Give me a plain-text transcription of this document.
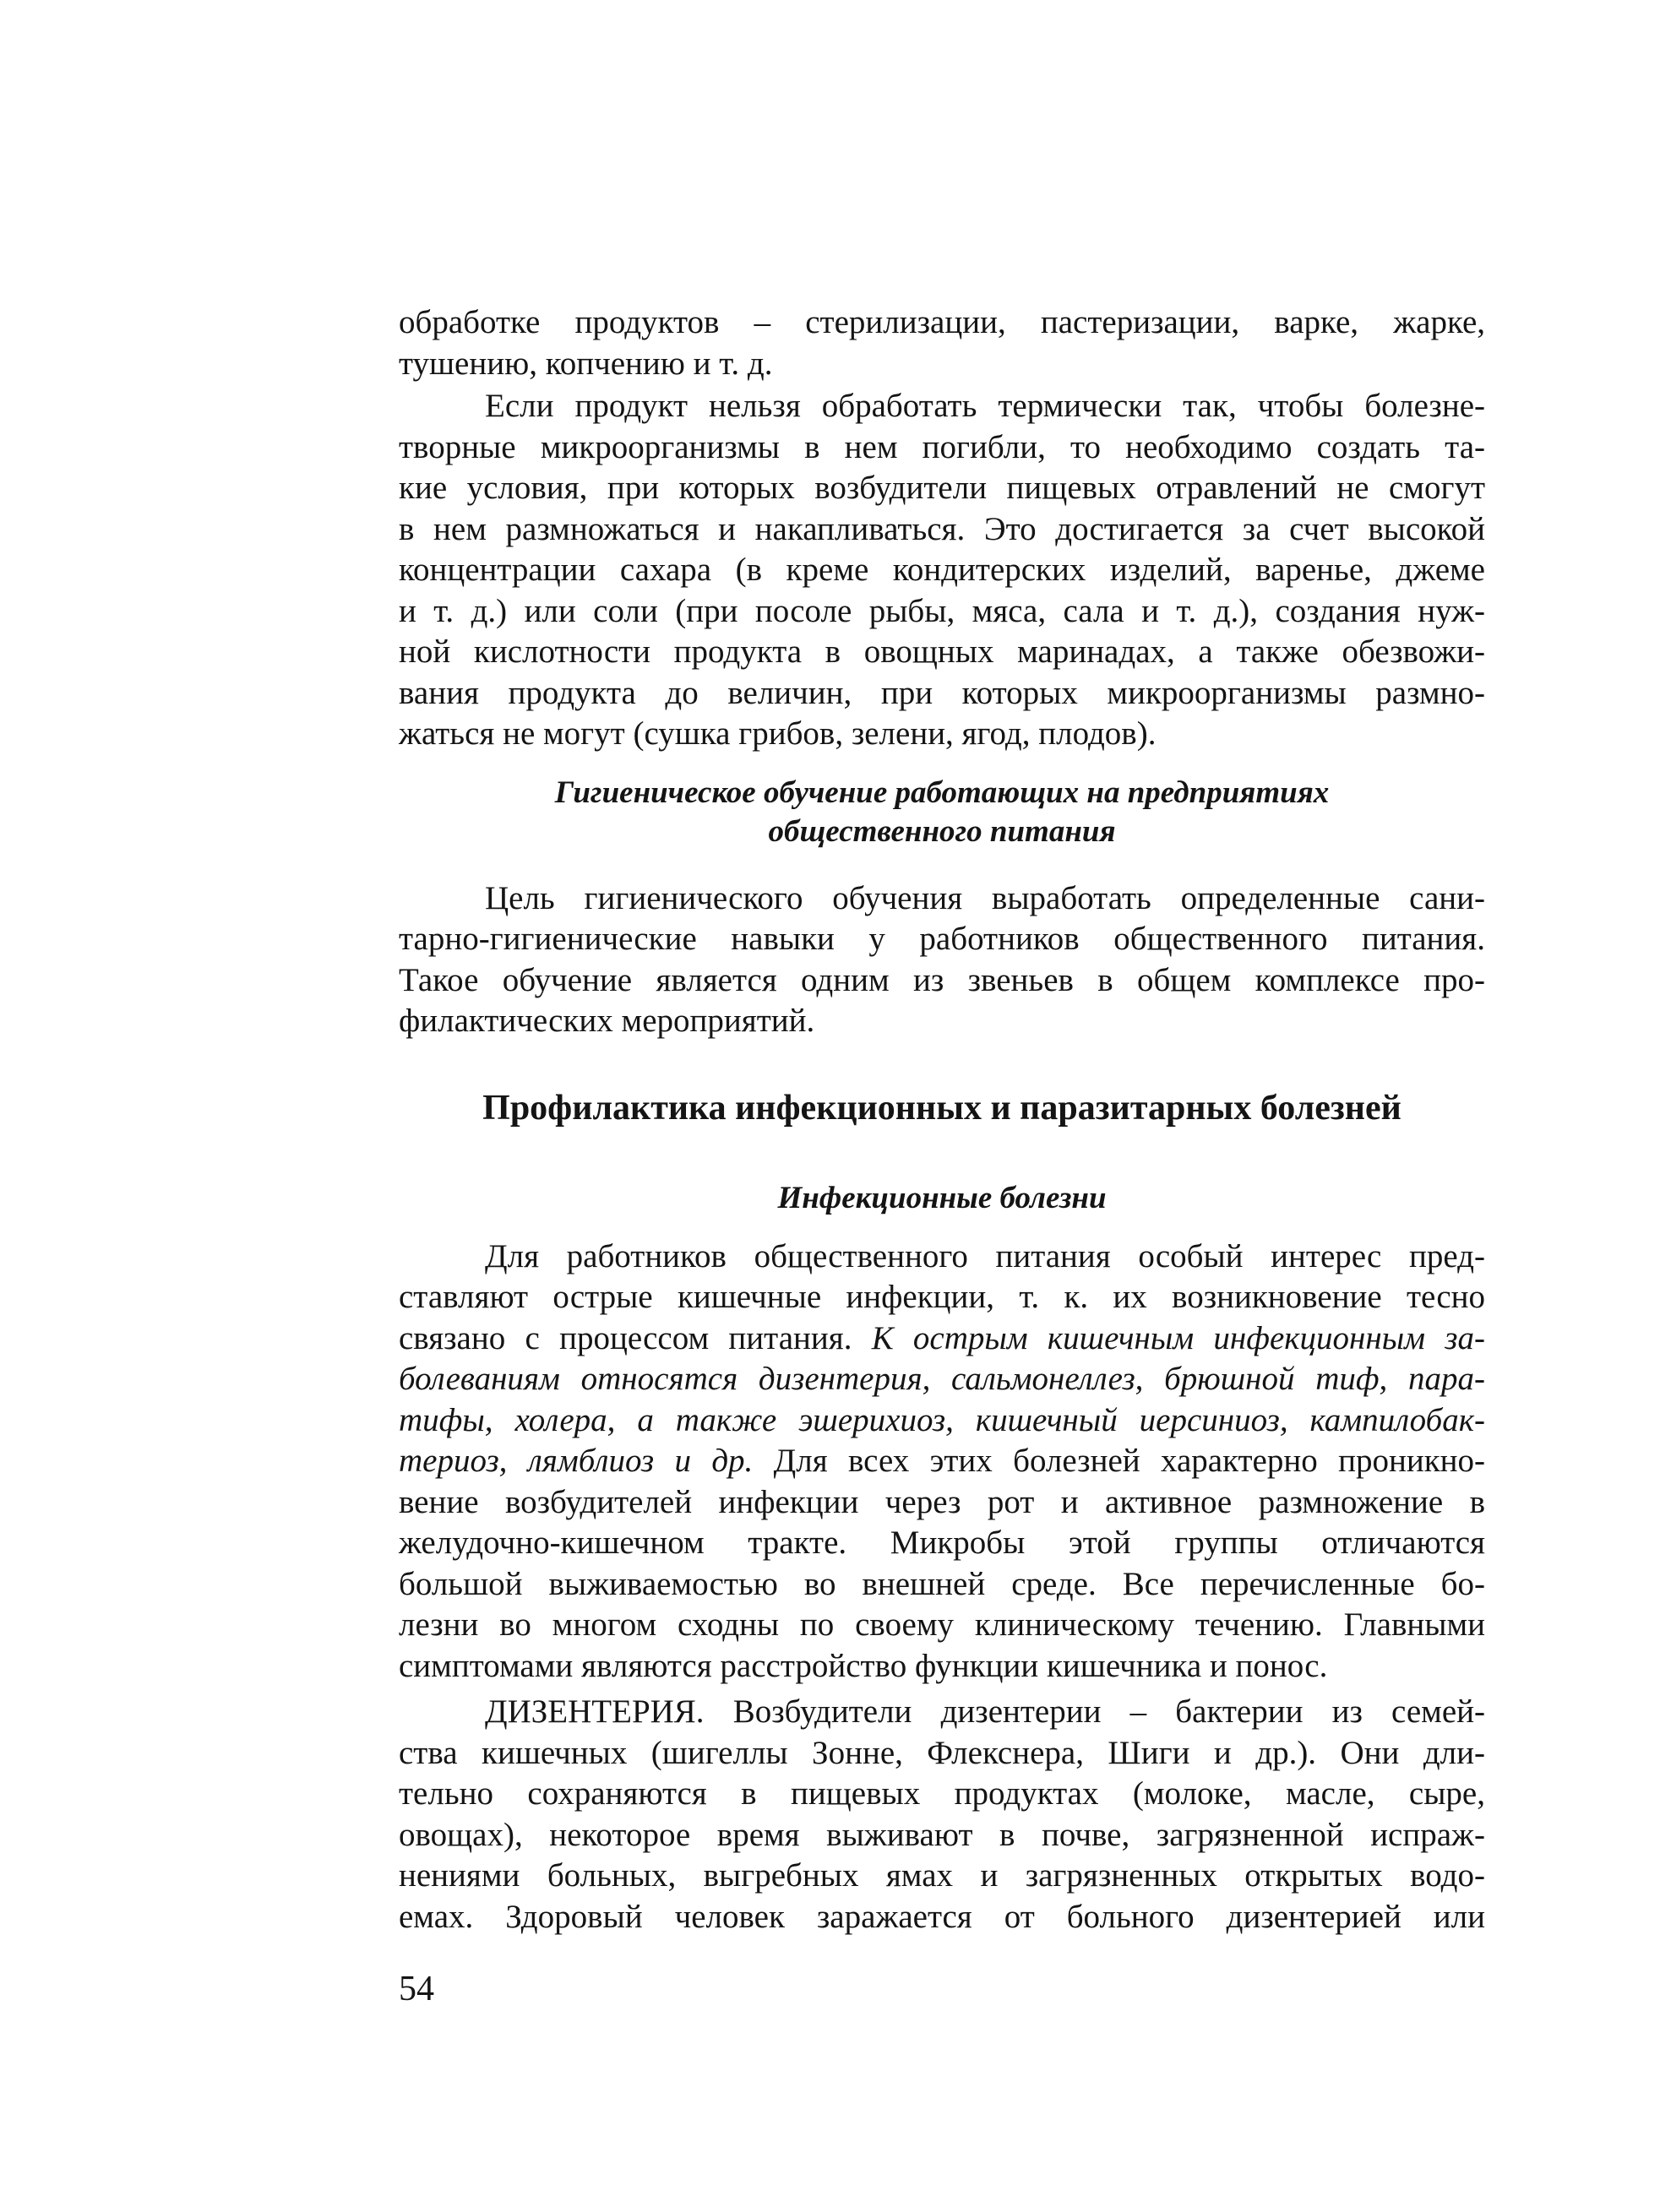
обработке продуктов – стерилизации, пастеризации, варке, жарке,
тушению, копчению и т. д.
Если продукт нельзя обработать термически так, чтобы болезне-
творные микроорганизмы в нем погибли, то необходимо создать та-
кие условия, при которых возбудители пищевых отравлений не смогут
в нем размножаться и накапливаться. Это достигается за счет высокой
концентрации сахара (в креме кондитерских изделий, варенье, джеме
и т. д.) или соли (при посоле рыбы, мяса, сала и т. д.), создания нуж-
ной кислотности продукта в овощных маринадах, а также обезвожи-
вания продукта до величин, при которых микроорганизмы размно-
жаться не могут (сушка грибов, зелени, ягод, плодов).
Гигиеническое обучение работающих на предприятиях
общественного питания
Цель гигиенического обучения выработать определенные сани-
тарно-гигиенические навыки у работников общественного питания.
Такое обучение является одним из звеньев в общем комплексе про-
филактических мероприятий.
Профилактика инфекционных и паразитарных болезней
Инфекционные болезни
Для работников общественного питания особый интерес пред-
ставляют острые кишечные инфекции, т. к. их возникновение тесно
связано с процессом питания. К острым кишечным инфекционным за-
болеваниям относятся дизентерия, сальмонеллез, брюшной тиф, пара-
тифы, холера, а также эшерихиоз, кишечный иерсиниоз, кампилобак-
териоз, лямблиоз и др. Для всех этих болезней характерно проникно-
вение возбудителей инфекции через рот и активное размножение в
желудочно-кишечном тракте. Микробы этой группы отличаются
большой выживаемостью во внешней среде. Все перечисленные бо-
лезни во многом сходны по своему клиническому течению. Главными
симптомами являются расстройство функции кишечника и понос.
ДИЗЕНТЕРИЯ. Возбудители дизентерии – бактерии из семей-
ства кишечных (шигеллы Зонне, Флекснера, Шиги и др.). Они дли-
тельно сохраняются в пищевых продуктах (молоке, масле, сыре,
овощах), некоторое время выживают в почве, загрязненной испраж-
нениями больных, выгребных ямах и загрязненных открытых водо-
емах. Здоровый человек заражается от больного дизентерией или
54
